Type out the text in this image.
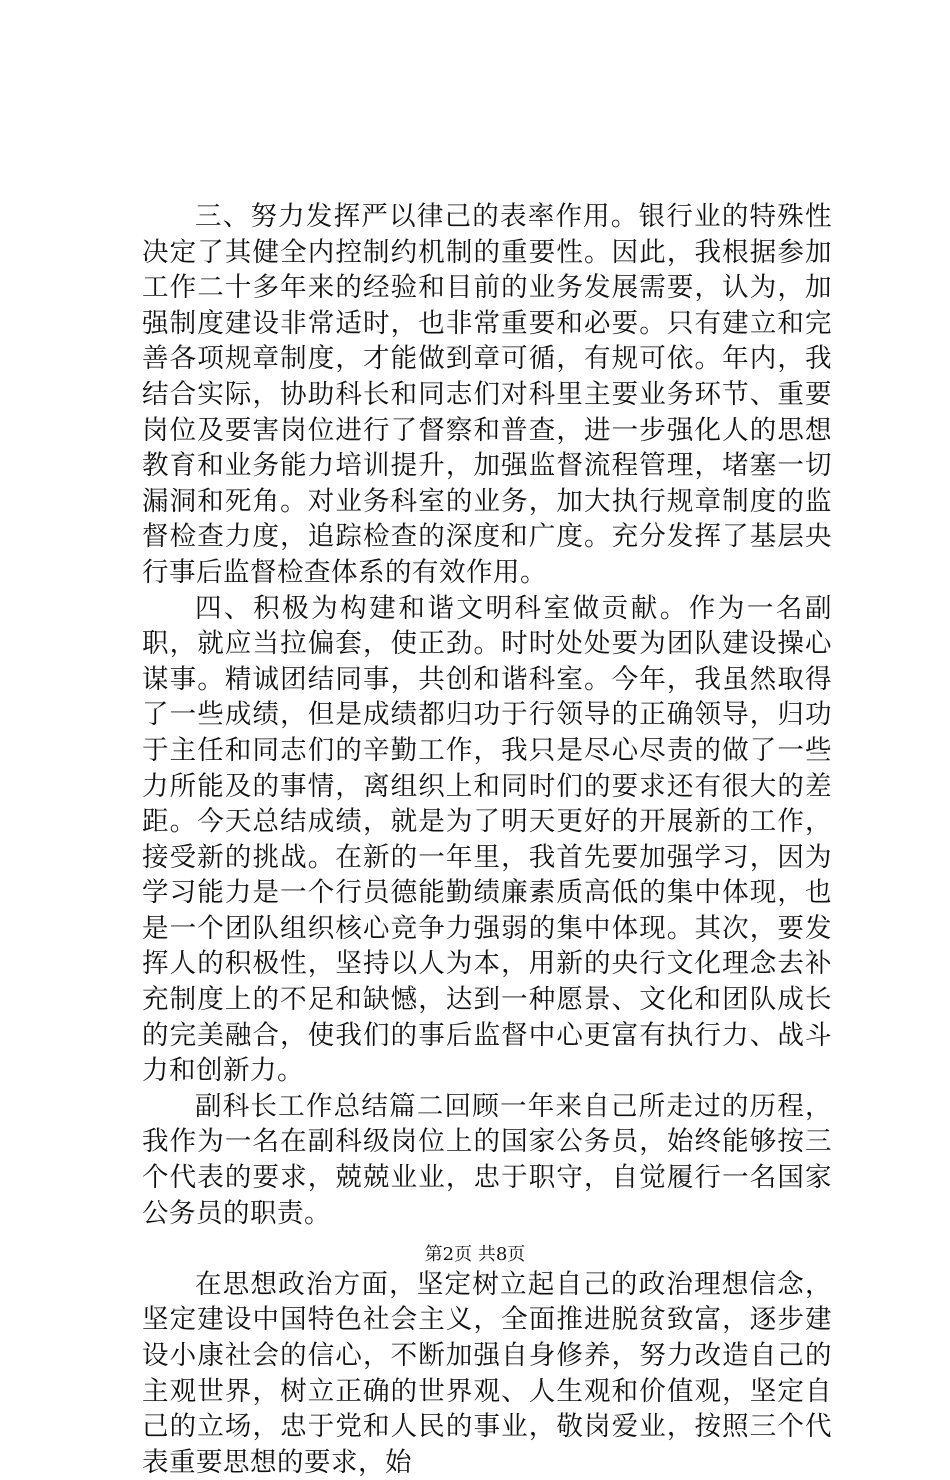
三、努力发挥严以律己的表率作用。银行业的特殊性决定了其健全内控制约机制的重要性。因此，我根据参加工作二十多年来的经验和目前的业务发展需要，认为，加强制度建设非常适时，也非常重要和必要。只有建立和完善各项规章制度，才能做到章可循，有规可依。年内，我结合实际，协助科长和同志们对科里主要业务环节、重要岗位及要害岗位进行了督察和普查，进一步强化人的思想教育和业务能力培训提升，加强监督流程管理，堵塞一切漏洞和死角。对业务科室的业务，加大执行规章制度的监督检查力度，追踪检查的深度和广度。充分发挥了基层央行事后监督检查体系的有效作用。

四、积极为构建和谐文明科室做贡献。作为一名副职，就应当拉偏套，使正劲。时时处处要为团队建设操心谋事。精诚团结同事，共创和谐科室。今年，我虽然取得了一些成绩，但是成绩都归功于行领导的正确领导，归功于主任和同志们的辛勤工作，我只是尽心尽责的做了一些力所能及的事情，离组织上和同时们的要求还有很大的差距。今天总结成绩，就是为了明天更好的开展新的工作，接受新的挑战。在新的一年里，我首先要加强学习，因为学习能力是一个行员德能勤绩廉素质高低的集中体现，也是一个团队组织核心竞争力强弱的集中体现。其次，要发挥人的积极性，坚持以人为本，用新的央行文化理念去补充制度上的不足和缺憾，达到一种愿景、文化和团队成长的完美融合，使我们的事后监督中心更富有执行力、战斗力和创新力。

副科长工作总结篇二回顾一年来自己所走过的历程，我作为一名在副科级岗位上的国家公务员，始终能够按三个代表的要求，兢兢业业，忠于职守，自觉履行一名国家公务员的职责。

在思想政治方面，坚定树立起自己的政治理想信念，坚定建设中国特色社会主义，全面推进脱贫致富，逐步建设小康社会的信心，不断加强自身修养，努力改造自己的主观世界，树立正确的世界观、人生观和价值观，坚定自己的立场，忠于党和人民的事业，敬岗爱业，按照三个代表重要思想的要求，始

第2页 共8页
